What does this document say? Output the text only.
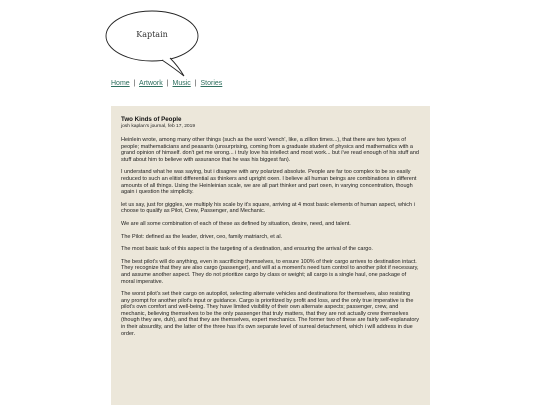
Kaptain
Home | Artwork | Music | Stories
Two Kinds of People
josh kaplan's journal, feb 17, 2019

Heinlein wrote, among many other things (such as the word 'wench', like, a zillion times...), that there are two types of people; mathematicians and peasants (unsurprising, coming from a graduate student of physics and mathematics with a grand opinion of himself. don't get me wrong... i truly love his intellect and most work... but i've read enough of his stuff and stuff about him to believe with assurance that he was his biggest fan).

I understand what he was saying, but i disagree with any polarized absolute. People are far too complex to be so easily reduced to such an elitist differential as thinkers and upright oxen. I believe all human beings are combinations in different amounts of all things. Using the Heinleinian scale, we are all part thinker and part oxen, in varying concentration, though again i question the simplicity.

let us say, just for giggles, we multiply his scale by it's square, arriving at 4 most basic elements of human aspect, which i choose to qualify as Pilot, Crew, Passenger, and Mechanic.

We are all some combination of each of these as defined by situation, desire, need, and talent.

The Pilot: defined as the leader, driver, ceo, family matriarch, et al.

The most basic task of this aspect is the targeting of a destination, and ensuring the arrival of the cargo.

The best pilot's will do anything, even in sacrificing themselves, to ensure 100% of their cargo arrives to destination intact. They recognize that they are also cargo (passenger), and will at a moment's need turn control to another pilot if necessary, and assume another aspect. They do not prioritize cargo by class or weight; all cargo is a single haul, one package of moral imperative.

The worst pilot's set their cargo on autopilot, selecting alternate vehicles and destinations for themselves, also resisting any prompt for another pilot's input or guidance. Cargo is prioritized by profit and loss, and the only true imperative is the pilot's own comfort and well-being. They have limited visibility of their own alternate aspects; passenger, crew, and mechanic, believing themselves to be the only passenger that truly matters, that they are not actually crew themselves (though they are, duh), and that they are themselves, expert mechanics. The former two of these are fairly self-explanatory in their absurdity, and the latter of the three has it's own separate level of surreal detachment, which i will address in due order.
